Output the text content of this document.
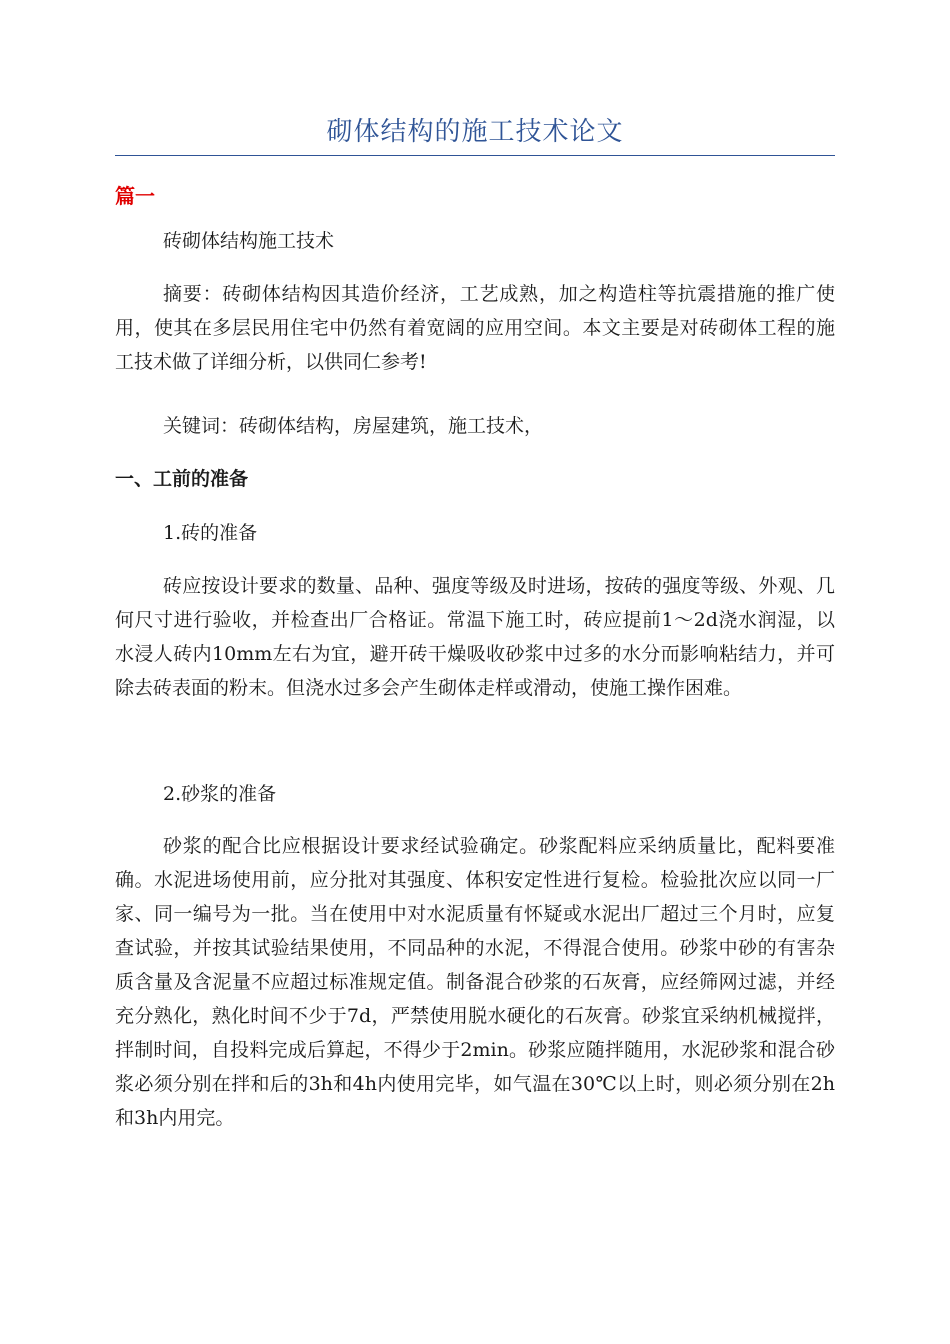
砌体结构的施工技术论文
篇一

砖砌体结构施工技术

摘要：砖砌体结构因其造价经济，工艺成熟，加之构造柱等抗震措施的推广使用，使其在多层民用住宅中仍然有着宽阔的应用空间。本文主要是对砖砌体工程的施工技术做了详细分析，以供同仁参考!

关键词：砖砌体结构，房屋建筑，施工技术，

一、工前的准备
1.砖的准备

砖应按设计要求的数量、品种、强度等级及时进场，按砖的强度等级、外观、几何尺寸进行验收，并检查出厂合格证。常温下施工时，砖应提前1～2d浇水润湿，以水浸人砖内10mm左右为宜，避开砖干燥吸收砂浆中过多的水分而影响粘结力，并可除去砖表面的粉末。但浇水过多会产生砌体走样或滑动，使施工操作困难。

2.砂浆的准备

砂浆的配合比应根据设计要求经试验确定。砂浆配料应采纳质量比，配料要准确。水泥进场使用前，应分批对其强度、体积安定性进行复检。检验批次应以同一厂家、同一编号为一批。当在使用中对水泥质量有怀疑或水泥出厂超过三个月时，应复查试验，并按其试验结果使用，不同品种的水泥，不得混合使用。砂浆中砂的有害杂质含量及含泥量不应超过标准规定值。制备混合砂浆的石灰膏，应经筛网过滤，并经充分熟化，熟化时间不少于7d，严禁使用脱水硬化的石灰膏。砂浆宜采纳机械搅拌，拌制时间，自投料完成后算起，不得少于2min。砂浆应随拌随用，水泥砂浆和混合砂浆必须分别在拌和后的3h和4h内使用完毕，如气温在30℃以上时，则必须分别在2h和3h内用完。
